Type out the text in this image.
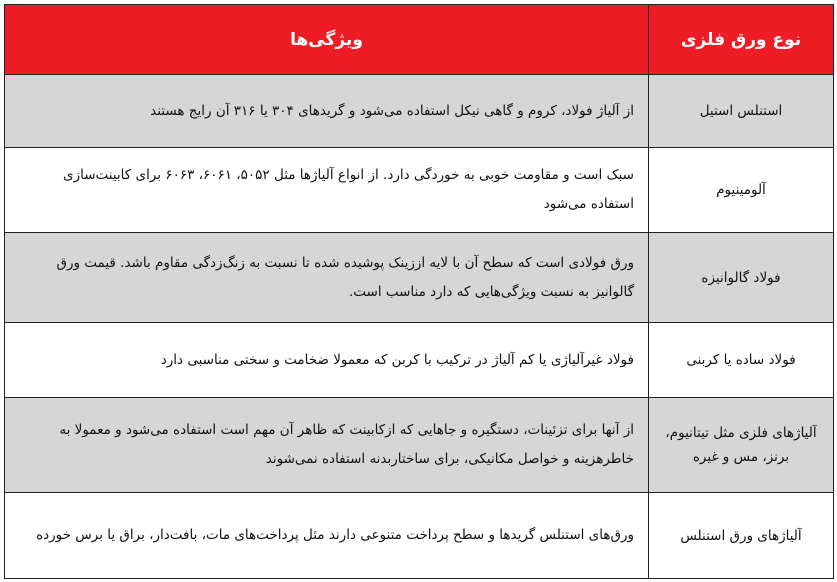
نوع ورق فلزی	ویژگی‌ها
استنلس استیل	از آلیاژ فولاد، کروم و گاهی نیکل استفاده می‌شود و گریدهای ۳۰۴ یا ۳۱۶ آن رایج هستند
آلومینیوم	سبک است و مقاومت خوبی به خوردگی دارد. از انواع آلیاژها مثل ۵۰۵۲، ۶۰۶۱، ۶۰۶۳ برای کابینت‌سازی استفاده می‌شود
فولاد گالوانیزه	ورق فولادی است که سطح آن با لایه اززینک پوشیده شده تا نسبت به زنگ‌زدگی مقاوم باشد. قیمت ورق گالوانیز به نسبت ویژگی‌هایی که دارد مناسب است.
فولاد ساده یا کربنی	فولاد غیرآلیاژی یا کم آلیاژ در ترکیب با کربن که معمولا ضخامت و سختی مناسبی دارد
آلیاژهای فلزی مثل تیتانیوم، برنز، مس و غیره	از آنها برای تزئینات، دستگیره و جاهایی که ازکابینت که ظاهر آن مهم است استفاده می‌شود و معمولا به خاطرهزینه و خواصل مکانیکی، برای ساختاربدنه استفاده نمی‌شوند
آلیاژهای ورق استنلس	ورق‌های استنلس گریدها و سطح پرداخت متنوعی دارند مثل پرداخت‌های مات، بافت‌دار، براق یا برس خورده
